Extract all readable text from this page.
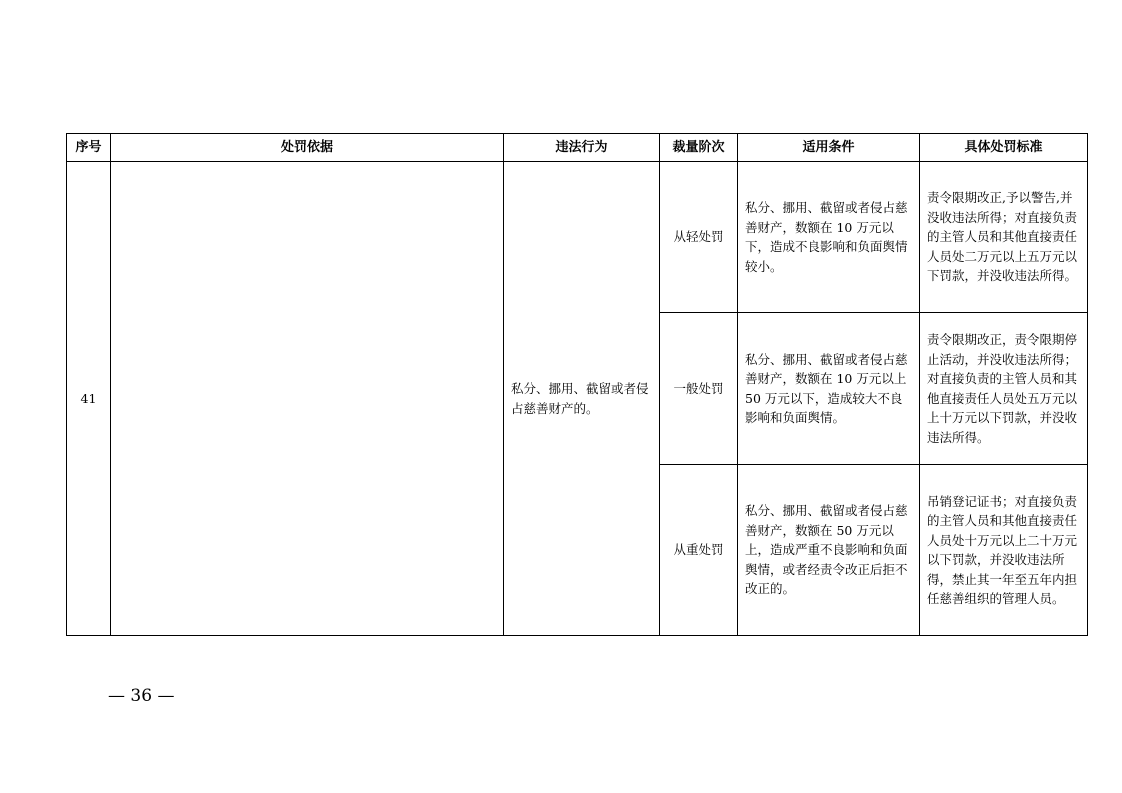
序号	处罚依据	违法行为	裁量阶次	适用条件	具体处罚标准
41		私分、挪用、截留或者侵占慈善财产的。	从轻处罚	私分、挪用、截留或者侵占慈善财产，数额在 10 万元以下，造成不良影响和负面舆情较小。	责令限期改正,予以警告,并没收违法所得；对直接负责的主管人员和其他直接责任人员处二万元以上五万元以下罚款，并没收违法所得。
			一般处罚	私分、挪用、截留或者侵占慈善财产，数额在 10 万元以上 50 万元以下，造成较大不良影响和负面舆情。	责令限期改正，责令限期停止活动，并没收违法所得；对直接负责的主管人员和其他直接责任人员处五万元以上十万元以下罚款，并没收违法所得。
			从重处罚	私分、挪用、截留或者侵占慈善财产，数额在 50 万元以上，造成严重不良影响和负面舆情，或者经责令改正后拒不改正的。	吊销登记证书；对直接负责的主管人员和其他直接责任人员处十万元以上二十万元以下罚款，并没收违法所得，禁止其一年至五年内担任慈善组织的管理人员。
— 36 —
